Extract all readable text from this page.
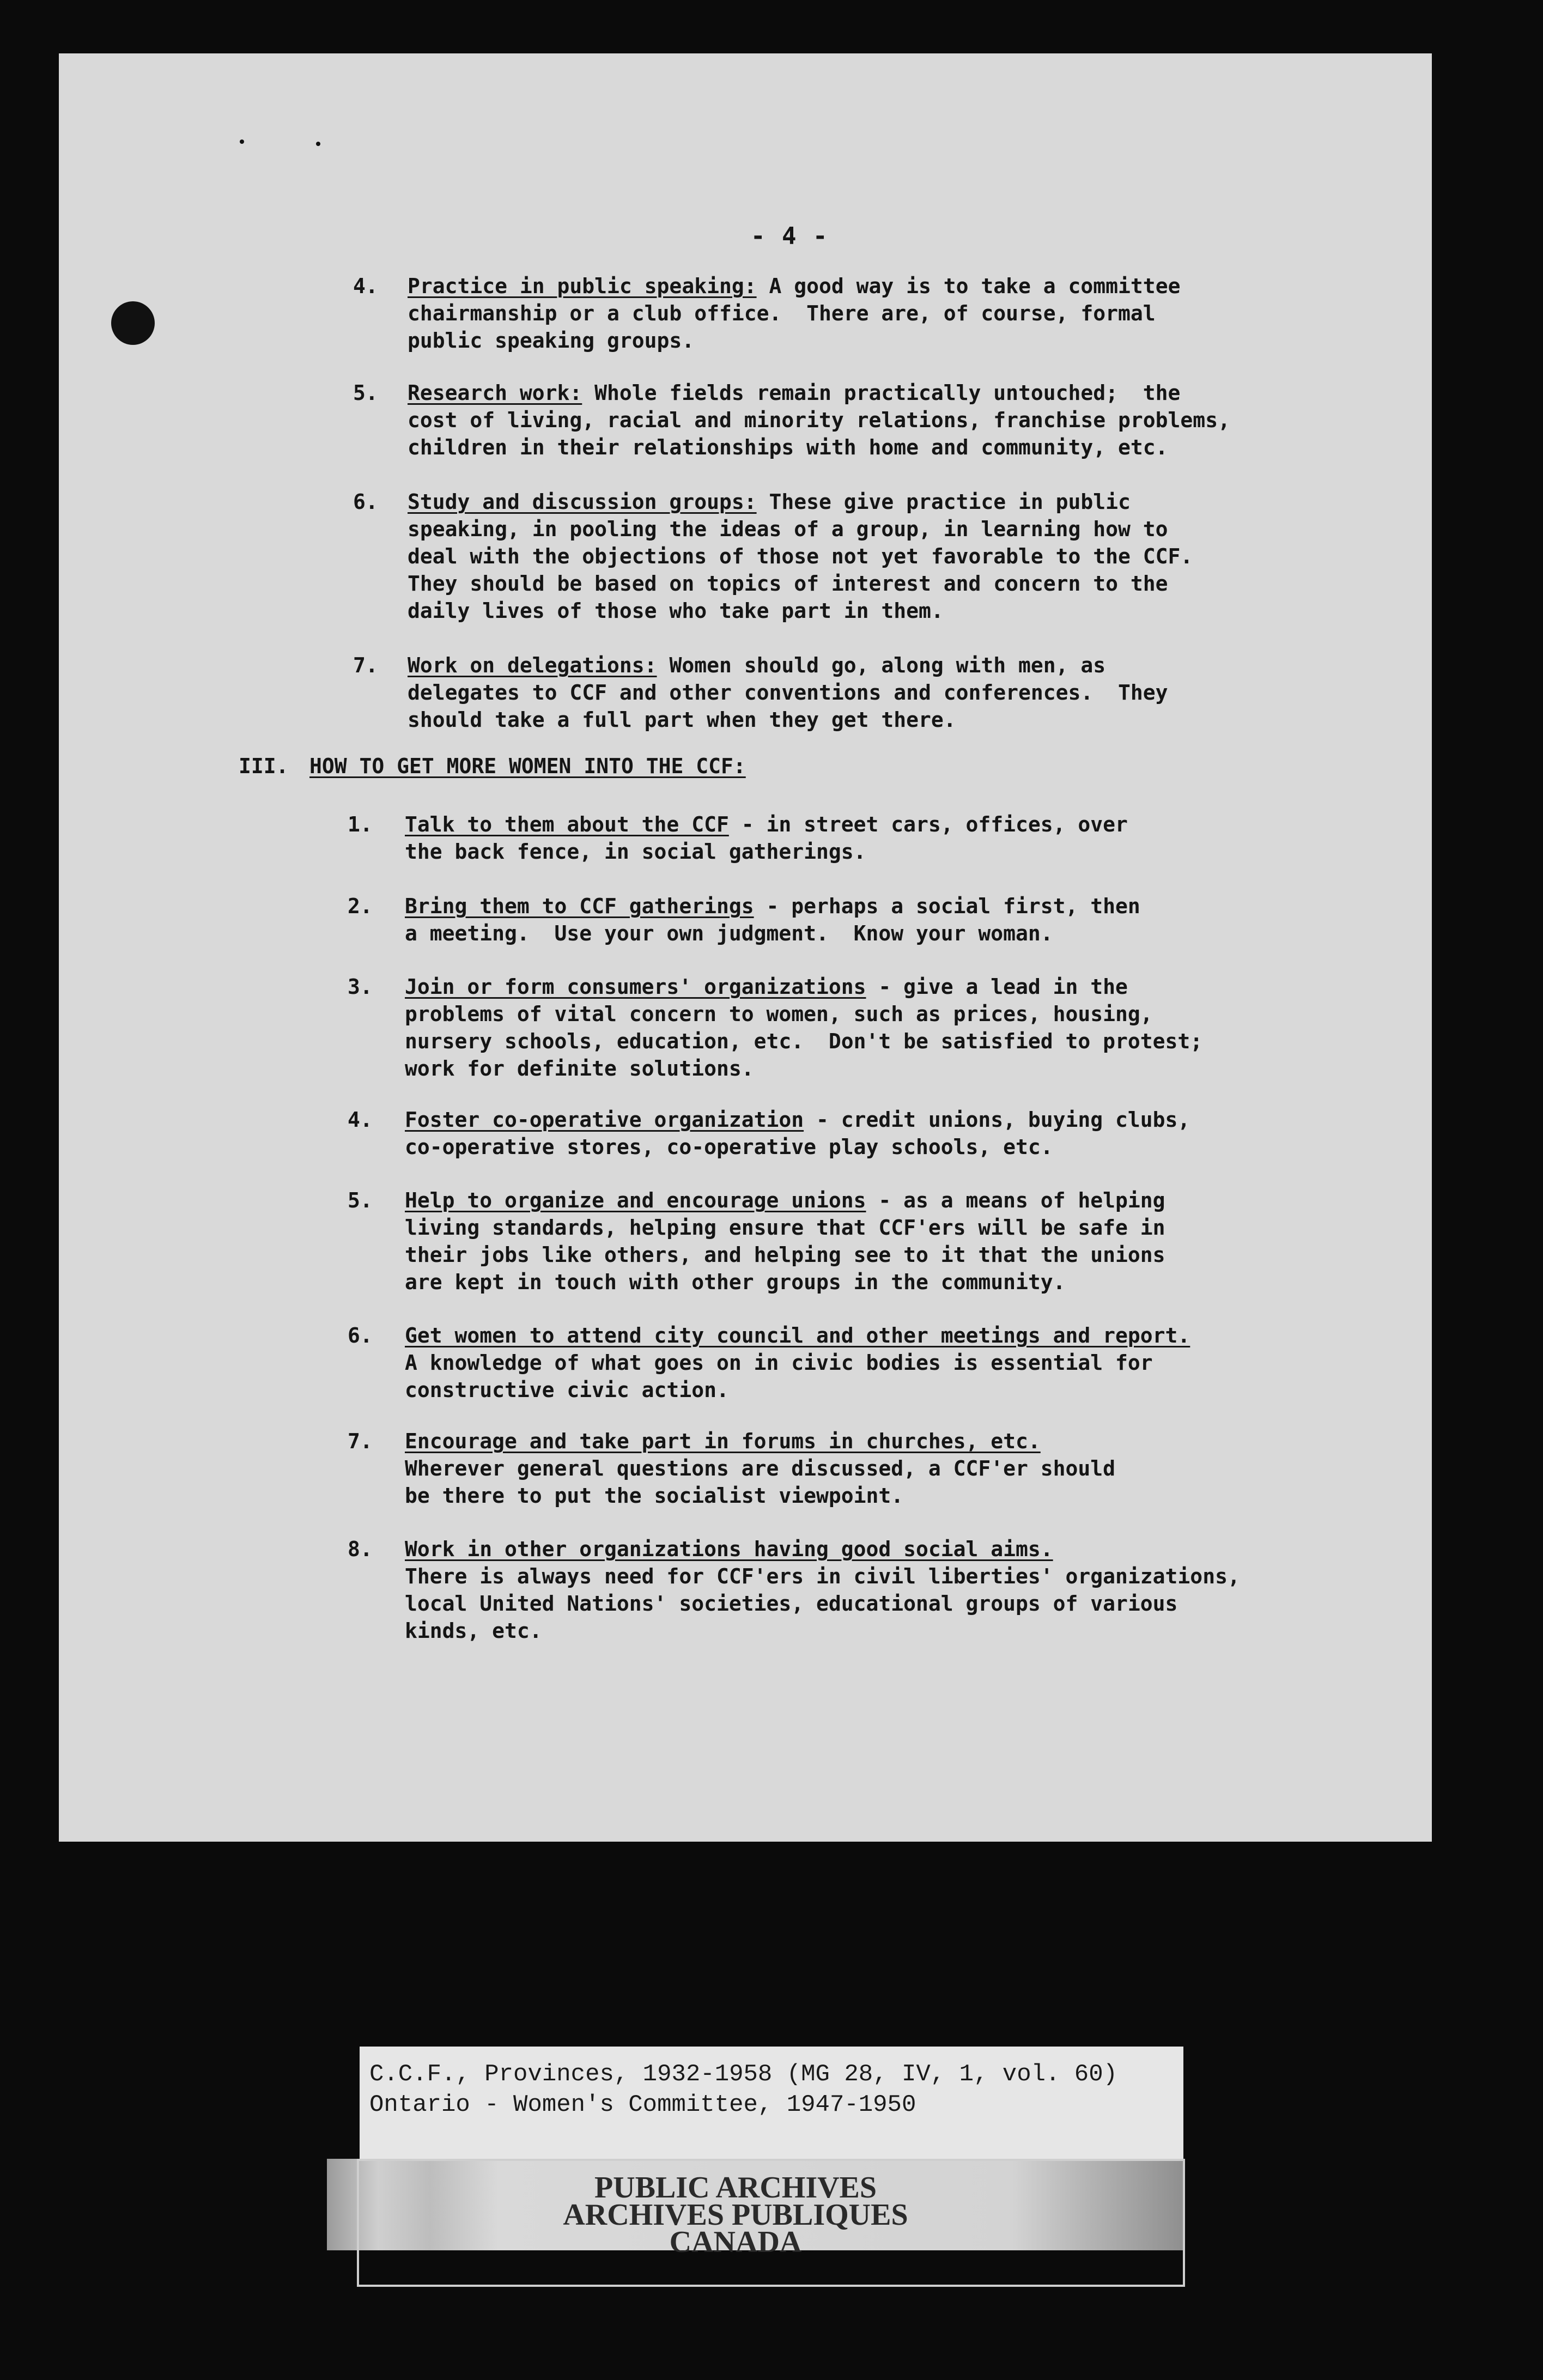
- 4 -
4. Practice in public speaking: A good way is to take a committee
chairmanship or a club office.  There are, of course, formal
public speaking groups.
5. Research work: Whole fields remain practically untouched;  the
cost of living, racial and minority relations, franchise problems,
children in their relationships with home and community, etc.
6. Study and discussion groups: These give practice in public
speaking, in pooling the ideas of a group, in learning how to
deal with the objections of those not yet favorable to the CCF.
They should be based on topics of interest and concern to the
daily lives of those who take part in them.
7. Work on delegations: Women should go, along with men, as
delegates to CCF and other conventions and conferences.  They
should take a full part when they get there.
III. HOW TO GET MORE WOMEN INTO THE CCF:
1. Talk to them about the CCF - in street cars, offices, over
the back fence, in social gatherings.
2. Bring them to CCF gatherings - perhaps a social first, then
a meeting.  Use your own judgment.  Know your woman.
3. Join or form consumers' organizations - give a lead in the
problems of vital concern to women, such as prices, housing,
nursery schools, education, etc.  Don't be satisfied to protest;
work for definite solutions.
4. Foster co-operative organization - credit unions, buying clubs,
co-operative stores, co-operative play schools, etc.
5. Help to organize and encourage unions - as a means of helping
living standards, helping ensure that CCF'ers will be safe in
their jobs like others, and helping see to it that the unions
are kept in touch with other groups in the community.
6. Get women to attend city council and other meetings and report.
A knowledge of what goes on in civic bodies is essential for
constructive civic action.
7. Encourage and take part in forums in churches, etc.
Wherever general questions are discussed, a CCF'er should
be there to put the socialist viewpoint.
8. Work in other organizations having good social aims.
There is always need for CCF'ers in civil liberties' organizations,
local United Nations' societies, educational groups of various
kinds, etc.
C.C.F., Provinces, 1932-1958 (MG 28, IV, 1, vol. 60)
Ontario - Women's Committee, 1947-1950
PUBLIC ARCHIVES
ARCHIVES PUBLIQUES
CANADA
